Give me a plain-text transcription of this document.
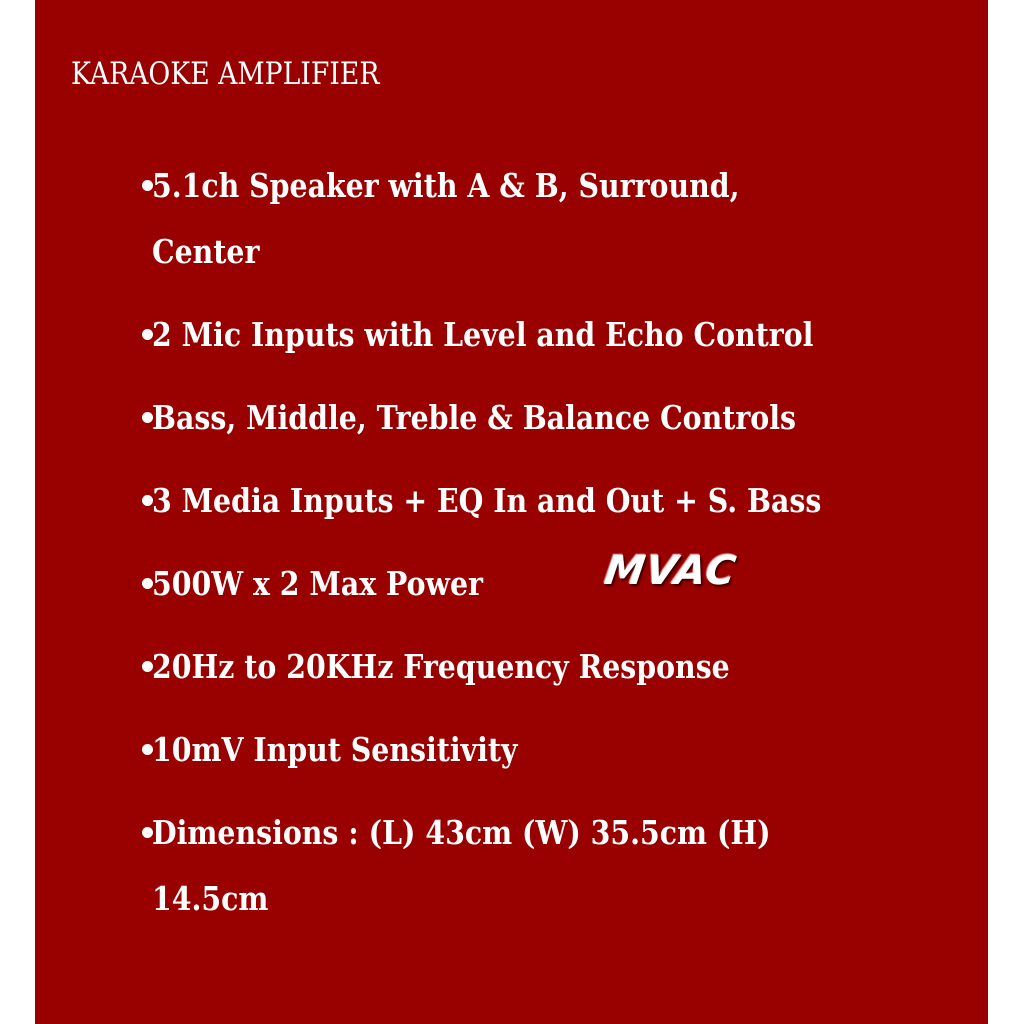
KARAOKE AMPLIFIER
5.1ch Speaker with A & B, Surround,
Center
2 Mic Inputs with Level and Echo Control
Bass, Middle, Treble & Balance Controls
3 Media Inputs + EQ In and Out + S. Bass
500W x 2 Max Power
20Hz to 20KHz Frequency Response
10mV Input Sensitivity
Dimensions : (L) 43cm (W) 35.5cm (H)
14.5cm
MVAC
